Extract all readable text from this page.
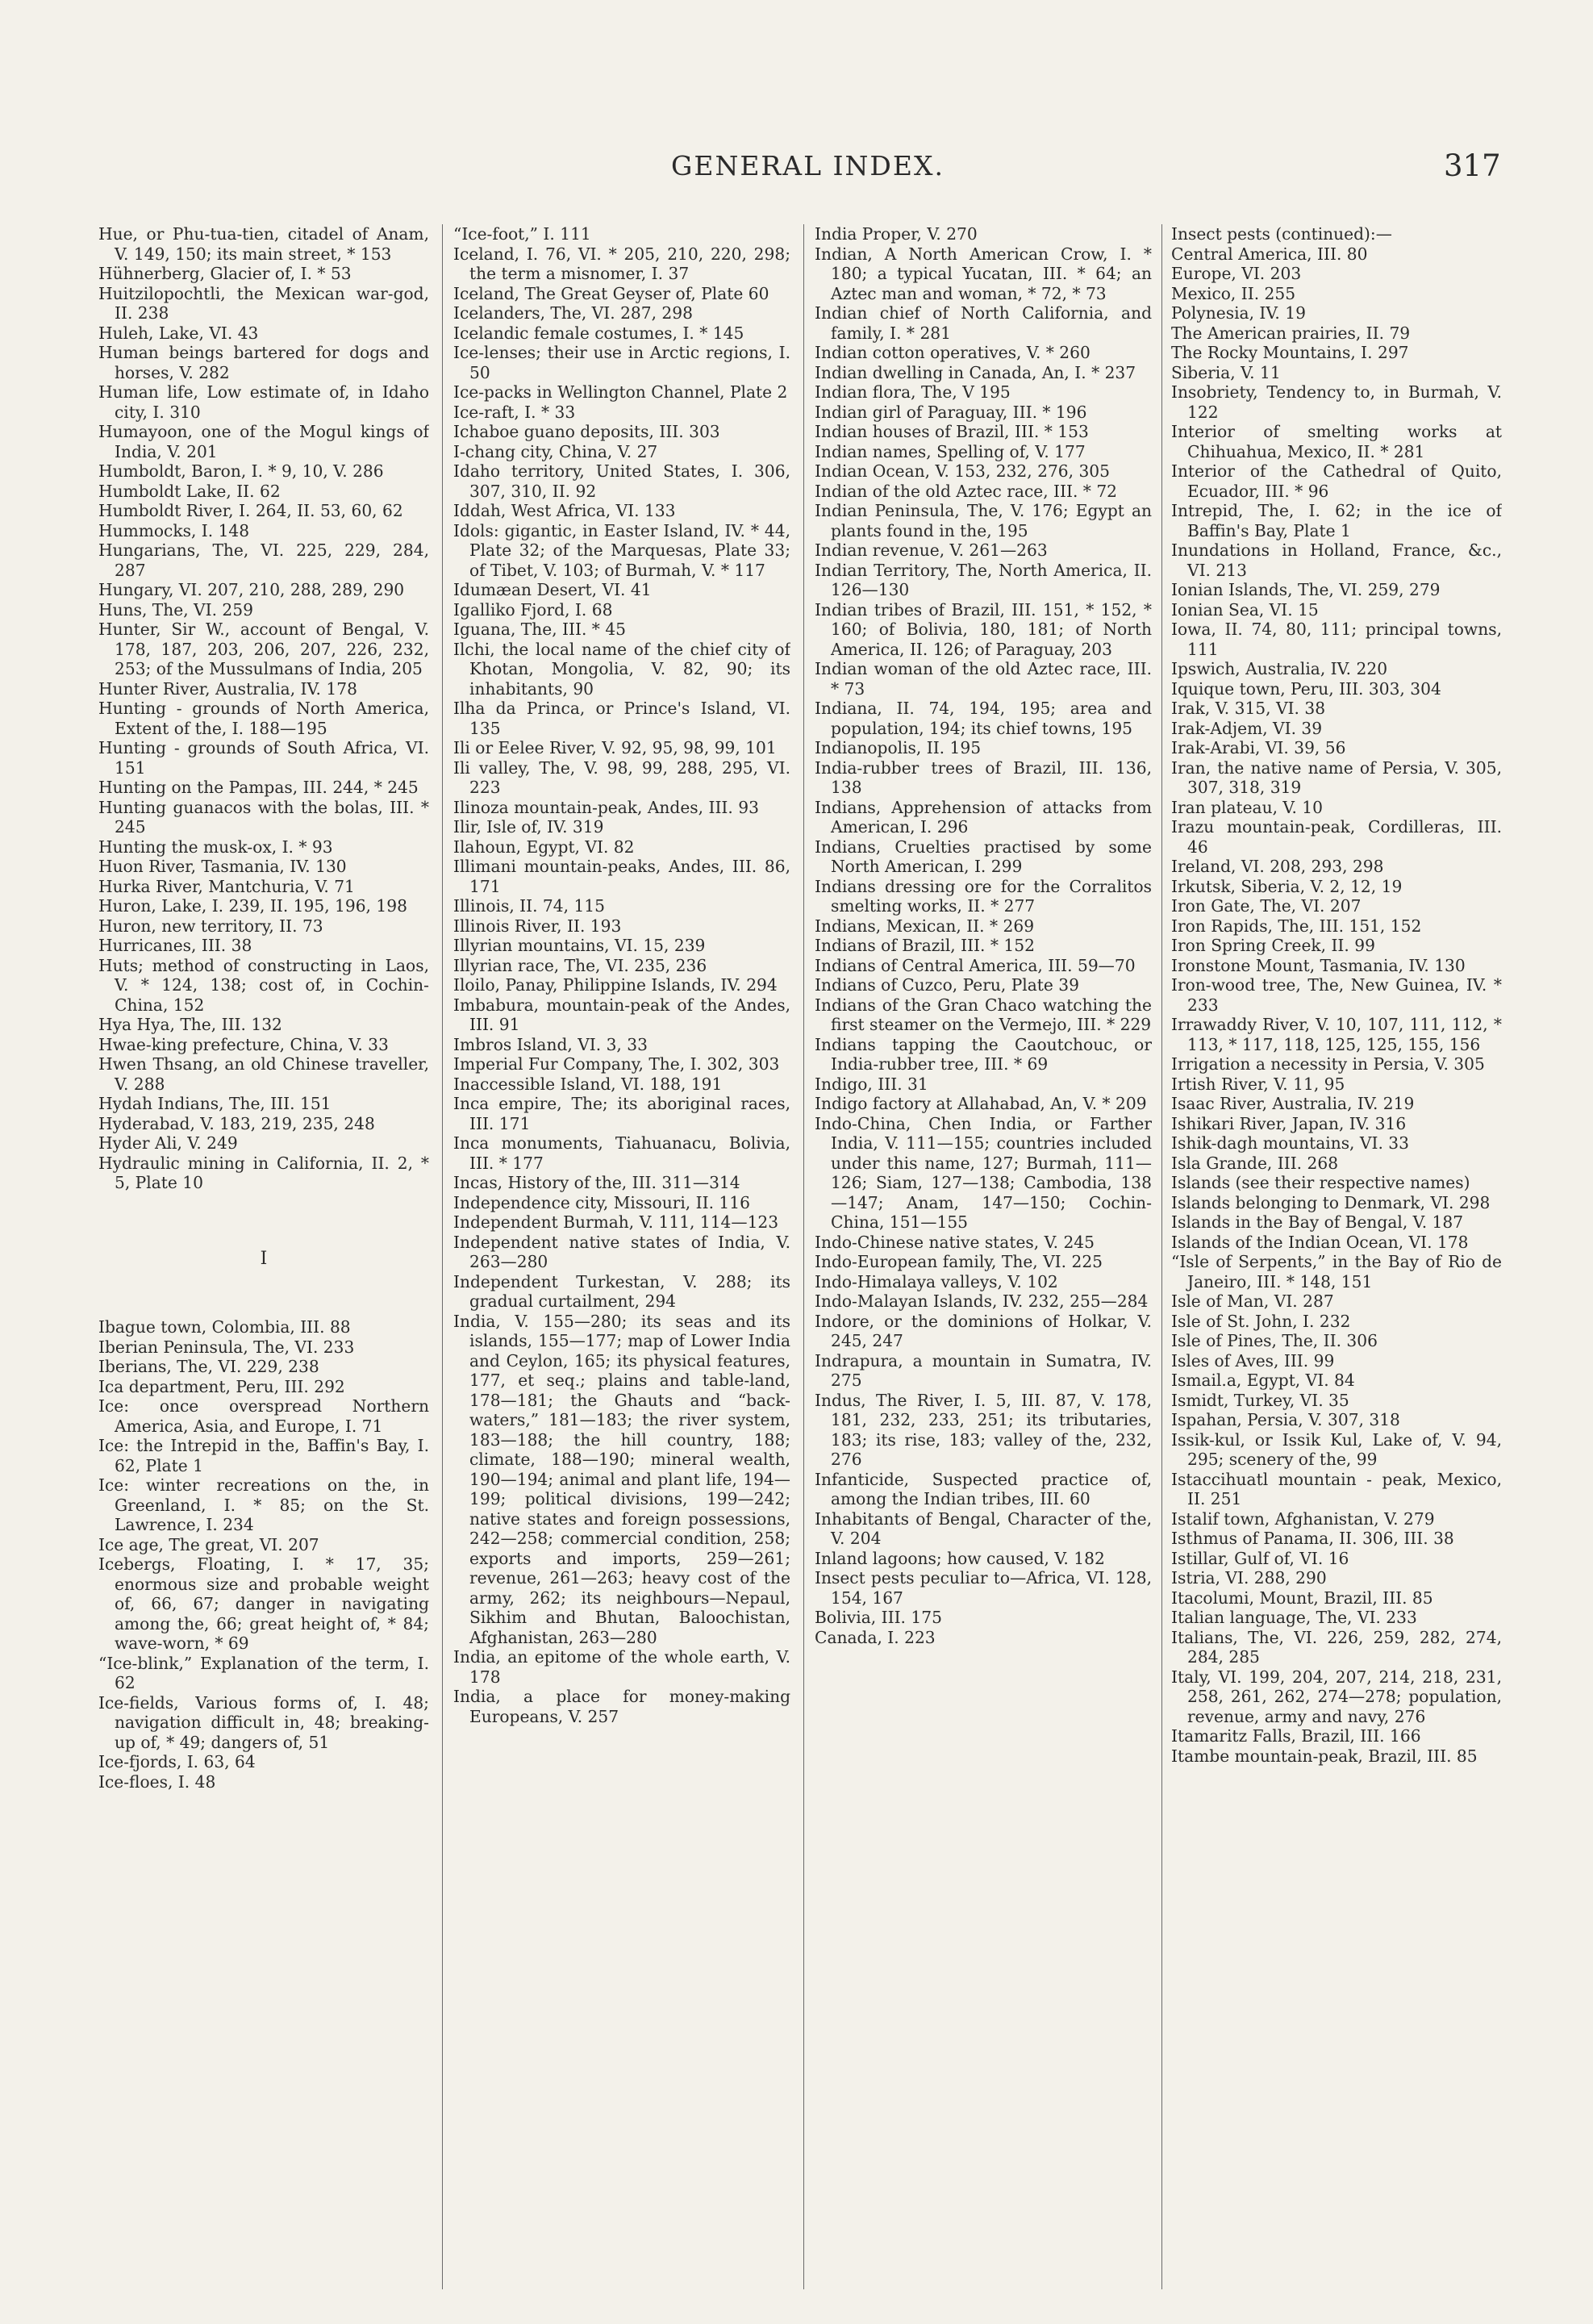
GENERAL INDEX.	317

Hue, or Phu-tua-tien, citadel of Anam, V. 149, 150; its main street, * 153

Hühnerberg, Glacier of, I. * 53

Huitzilopochtli, the Mexican war-god, II. 238

Huleh, Lake, VI. 43

Human beings bartered for dogs and horses, V. 282

Human life, Low estimate of, in Idaho city, I. 310

Humayoon, one of the Mogul kings of India, V. 201

Humboldt, Baron, I. * 9, 10, V. 286

Humboldt Lake, II. 62

Humboldt River, I. 264, II. 53, 60, 62

Hummocks, I. 148

Hungarians, The, VI. 225, 229, 284, 287

Hungary, VI. 207, 210, 288, 289, 290

Huns, The, VI. 259

Hunter, Sir W., account of Bengal, V. 178, 187, 203, 206, 207, 226, 232, 253; of the Mussulmans of India, 205

Hunter River, Australia, IV. 178

Hunting - grounds of North America, Extent of the, I. 188—195

Hunting - grounds of South Africa, VI. 151

Hunting on the Pampas, III. 244, * 245

Hunting guanacos with the bolas, III. * 245

Hunting the musk-ox, I. * 93

Huon River, Tasmania, IV. 130

Hurka River, Mantchuria, V. 71

Huron, Lake, I. 239, II. 195, 196, 198

Huron, new territory, II. 73

Hurricanes, III. 38

Huts; method of constructing in Laos, V. * 124, 138; cost of, in Cochin-China, 152

Hya Hya, The, III. 132

Hwae-king prefecture, China, V. 33

Hwen Thsang, an old Chinese traveller, V. 288

Hydah Indians, The, III. 151

Hyderabad, V. 183, 219, 235, 248

Hyder Ali, V. 249

Hydraulic mining in California, II. 2, * 5, Plate 10

I

Ibague town, Colombia, III. 88

Iberian Peninsula, The, VI. 233

Iberians, The, VI. 229, 238

Ica department, Peru, III. 292

Ice: once overspread Northern America, Asia, and Europe, I. 71

Ice: the Intrepid in the, Baffin's Bay, I. 62, Plate 1

Ice: winter recreations on the, in Greenland, I. * 85; on the St. Lawrence, I. 234

Ice age, The great, VI. 207

Icebergs, Floating, I. * 17, 35; enormous size and probable weight of, 66, 67; danger in navigating among the, 66; great height of, * 84; wave-worn, * 69

“Ice-blink,” Explanation of the term, I. 62

Ice-fields, Various forms of, I. 48; navigation difficult in, 48; breaking-up of, * 49; dangers of, 51

Ice-fjords, I. 63, 64

Ice-floes, I. 48

“Ice-foot,” I. 111

Iceland, I. 76, VI. * 205, 210, 220, 298; the term a misnomer, I. 37

Iceland, The Great Geyser of, Plate 60

Icelanders, The, VI. 287, 298

Icelandic female costumes, I. * 145

Ice-lenses; their use in Arctic regions, I. 50

Ice-packs in Wellington Channel, Plate 2

Ice-raft, I. * 33

Ichaboe guano deposits, III. 303

I-chang city, China, V. 27

Idaho territory, United States, I. 306, 307, 310, II. 92

Iddah, West Africa, VI. 133

Idols: gigantic, in Easter Island, IV. * 44, Plate 32; of the Marquesas, Plate 33; of Tibet, V. 103; of Burmah, V. * 117

Idumæan Desert, VI. 41

Igalliko Fjord, I. 68

Iguana, The, III. * 45

Ilchi, the local name of the chief city of Khotan, Mongolia, V. 82, 90; its inhabitants, 90

Ilha da Princa, or Prince's Island, VI. 135

Ili or Eelee River, V. 92, 95, 98, 99, 101

Ili valley, The, V. 98, 99, 288, 295, VI. 223

Ilinoza mountain-peak, Andes, III. 93

Ilir, Isle of, IV. 319

Ilahoun, Egypt, VI. 82

Illimani mountain-peaks, Andes, III. 86, 171

Illinois, II. 74, 115

Illinois River, II. 193

Illyrian mountains, VI. 15, 239

Illyrian race, The, VI. 235, 236

Iloilo, Panay, Philippine Islands, IV. 294

Imbabura, mountain-peak of the Andes, III. 91

Imbros Island, VI. 3, 33

Imperial Fur Company, The, I. 302, 303

Inaccessible Island, VI. 188, 191

Inca empire, The; its aboriginal races, III. 171

Inca monuments, Tiahuanacu, Bolivia, III. * 177

Incas, History of the, III. 311—314

Independence city, Missouri, II. 116

Independent Burmah, V. 111, 114—123

Independent native states of India, V. 263—280

Independent Turkestan, V. 288; its gradual curtailment, 294

India, V. 155—280; its seas and its islands, 155—177; map of Lower India and Ceylon, 165; its physical features, 177, et seq.; plains and table-land, 178—181; the Ghauts and “back-waters,” 181—183; the river system, 183—188; the hill country, 188; climate, 188—190; mineral wealth, 190—194; animal and plant life, 194—199; political divisions, 199—242; native states and foreign possessions, 242—258; commercial condition, 258; exports and imports, 259—261; revenue, 261—263; heavy cost of the army, 262; its neighbours—Nepaul, Sikhim and Bhutan, Baloochistan, Afghanistan, 263—280

India, an epitome of the whole earth, V. 178

India, a place for money-making Europeans, V. 257

India Proper, V. 270

Indian, A North American Crow, I. * 180; a typical Yucatan, III. * 64; an Aztec man and woman, * 72, * 73

Indian chief of North California, and family, I. * 281

Indian cotton operatives, V. * 260

Indian dwelling in Canada, An, I. * 237

Indian flora, The, V 195

Indian girl of Paraguay, III. * 196

Indian houses of Brazil, III. * 153

Indian names, Spelling of, V. 177

Indian Ocean, V. 153, 232, 276, 305

Indian of the old Aztec race, III. * 72

Indian Peninsula, The, V. 176; Egypt an plants found in the, 195

Indian revenue, V. 261—263

Indian Territory, The, North America, II. 126—130

Indian tribes of Brazil, III. 151, * 152, * 160; of Bolivia, 180, 181; of North America, II. 126; of Paraguay, 203

Indian woman of the old Aztec race, III. * 73

Indiana, II. 74, 194, 195; area and population, 194; its chief towns, 195

Indianopolis, II. 195

India-rubber trees of Brazil, III. 136, 138

Indians, Apprehension of attacks from American, I. 296

Indians, Cruelties practised by some North American, I. 299

Indians dressing ore for the Corralitos smelting works, II. * 277

Indians, Mexican, II. * 269

Indians of Brazil, III. * 152

Indians of Central America, III. 59—70

Indians of Cuzco, Peru, Plate 39

Indians of the Gran Chaco watching the first steamer on the Vermejo, III. * 229

Indians tapping the Caoutchouc, or India-rubber tree, III. * 69

Indigo, III. 31

Indigo factory at Allahabad, An, V. * 209

Indo-China, Chen India, or Farther India, V. 111—155; countries included under this name, 127; Burmah, 111—126; Siam, 127—138; Cambodia, 138—147; Anam, 147—150; Cochin-China, 151—155

Indo-Chinese native states, V. 245

Indo-European family, The, VI. 225

Indo-Himalaya valleys, V. 102

Indo-Malayan Islands, IV. 232, 255—284

Indore, or the dominions of Holkar, V. 245, 247

Indrapura, a mountain in Sumatra, IV. 275

Indus, The River, I. 5, III. 87, V. 178, 181, 232, 233, 251; its tributaries, 183; its rise, 183; valley of the, 232, 276

Infanticide, Suspected practice of, among the Indian tribes, III. 60

Inhabitants of Bengal, Character of the, V. 204

Inland lagoons; how caused, V. 182

Insect pests peculiar to—Africa, VI. 128, 154, 167

Bolivia, III. 175

Canada, I. 223

Insect pests (continued):—

Central America, III. 80

Europe, VI. 203

Mexico, II. 255

Polynesia, IV. 19

The American prairies, II. 79

The Rocky Mountains, I. 297

Siberia, V. 11

Insobriety, Tendency to, in Burmah, V. 122

Interior of smelting works at Chihuahua, Mexico, II. * 281

Interior of the Cathedral of Quito, Ecuador, III. * 96

Intrepid, The, I. 62; in the ice of Baffin's Bay, Plate 1

Inundations in Holland, France, &c., VI. 213

Ionian Islands, The, VI. 259, 279

Ionian Sea, VI. 15

Iowa, II. 74, 80, 111; principal towns, 111

Ipswich, Australia, IV. 220

Iquique town, Peru, III. 303, 304

Irak, V. 315, VI. 38

Irak-Adjem, VI. 39

Irak-Arabi, VI. 39, 56

Iran, the native name of Persia, V. 305, 307, 318, 319

Iran plateau, V. 10

Irazu mountain-peak, Cordilleras, III. 46

Ireland, VI. 208, 293, 298

Irkutsk, Siberia, V. 2, 12, 19

Iron Gate, The, VI. 207

Iron Rapids, The, III. 151, 152

Iron Spring Creek, II. 99

Ironstone Mount, Tasmania, IV. 130

Iron-wood tree, The, New Guinea, IV. * 233

Irrawaddy River, V. 10, 107, 111, 112, * 113, * 117, 118, 125, 125, 155, 156

Irrigation a necessity in Persia, V. 305

Irtish River, V. 11, 95

Isaac River, Australia, IV. 219

Ishikari River, Japan, IV. 316

Ishik-dagh mountains, VI. 33

Isla Grande, III. 268

Islands (see their respective names)

Islands belonging to Denmark, VI. 298

Islands in the Bay of Bengal, V. 187

Islands of the Indian Ocean, VI. 178

“Isle of Serpents,” in the Bay of Rio de Janeiro, III. * 148, 151

Isle of Man, VI. 287

Isle of St. John, I. 232

Isle of Pines, The, II. 306

Isles of Aves, III. 99

Ismail.a, Egypt, VI. 84

Ismidt, Turkey, VI. 35

Ispahan, Persia, V. 307, 318

Issik-kul, or Issik Kul, Lake of, V. 94, 295; scenery of the, 99

Istaccihuatl mountain - peak, Mexico, II. 251

Istalif town, Afghanistan, V. 279

Isthmus of Panama, II. 306, III. 38

Istillar, Gulf of, VI. 16

Istria, VI. 288, 290

Itacolumi, Mount, Brazil, III. 85

Italian language, The, VI. 233

Italians, The, VI. 226, 259, 282, 274, 284, 285

Italy, VI. 199, 204, 207, 214, 218, 231, 258, 261, 262, 274—278; population, revenue, army and navy, 276

Itamaritz Falls, Brazil, III. 166

Itambe mountain-peak, Brazil, III. 85
